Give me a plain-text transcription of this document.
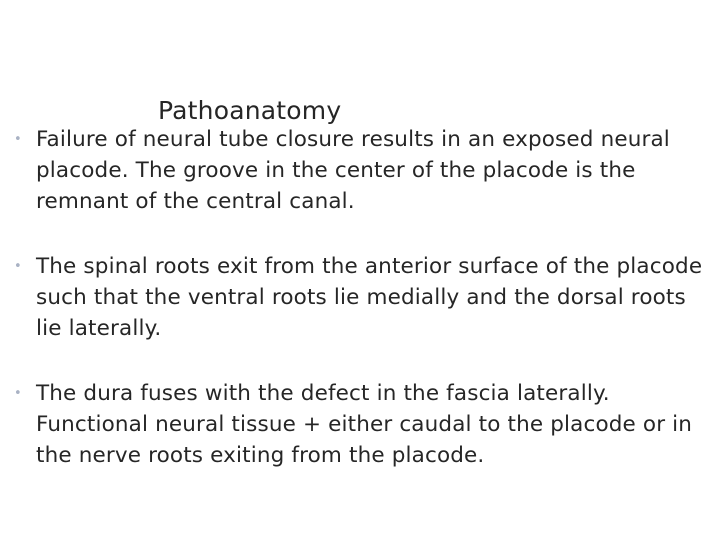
Pathoanatomy
• Failure of neural tube closure results in an exposed neural placode. The groove in the center of the placode is the remnant of the central canal.
• The spinal roots exit from the anterior surface of the placode such that the ventral roots lie medially and the dorsal roots lie laterally.
• The dura fuses with the defect in the fascia laterally. Functional neural tissue + either caudal to the placode or in the nerve roots exiting from the placode.
